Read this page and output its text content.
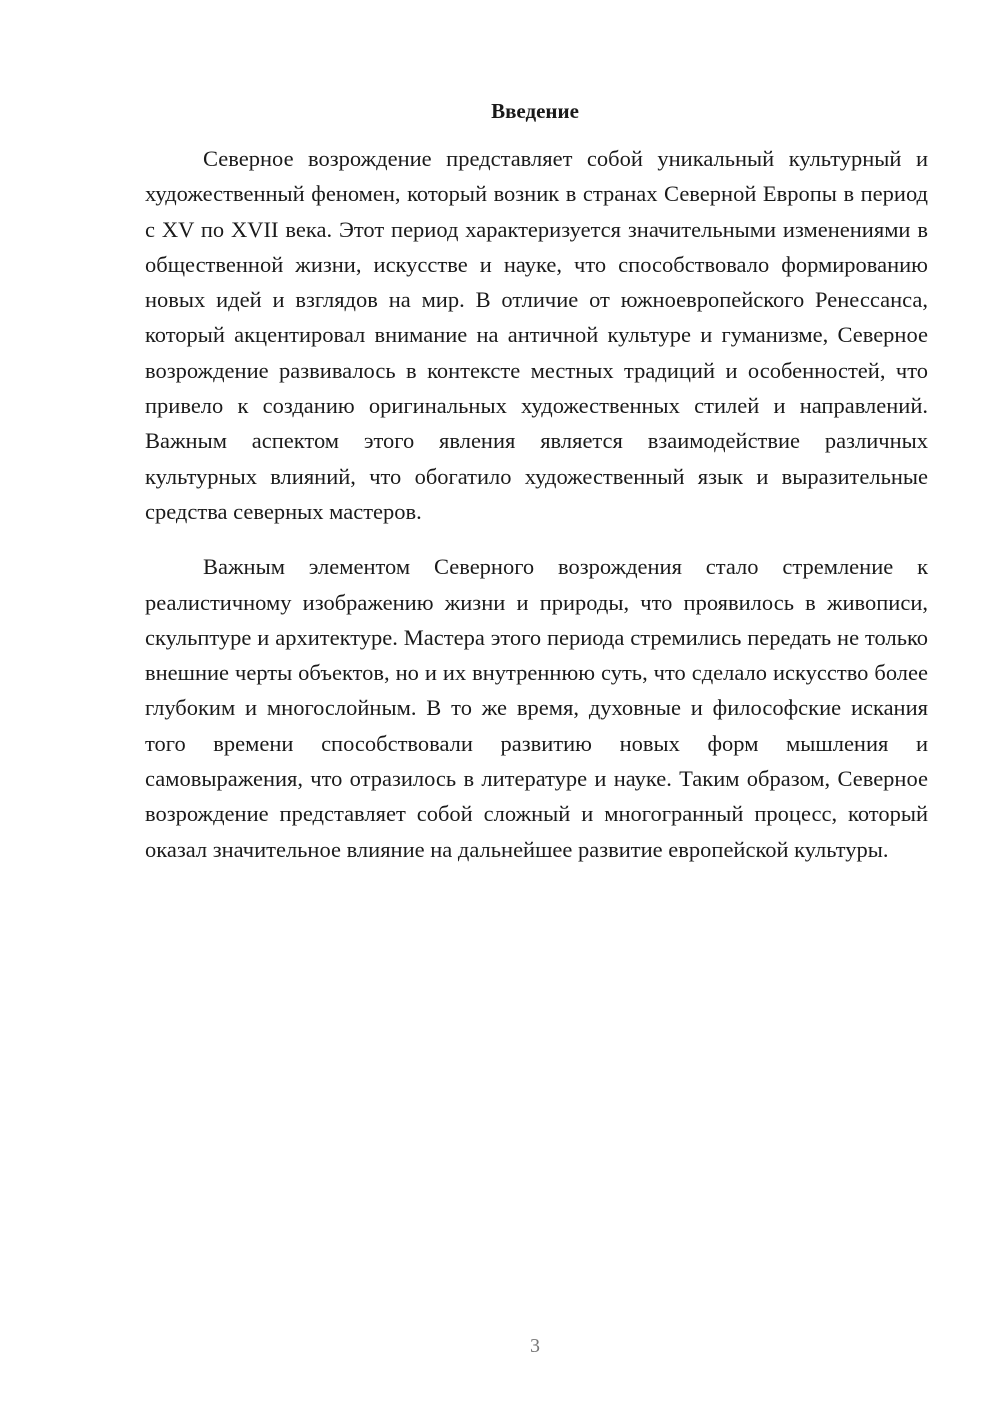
Введение

Северное возрождение представляет собой уникальный культурный и художественный феномен, который возник в странах Северной Европы в период с XV по XVII века. Этот период характеризуется значительными изменениями в общественной жизни, искусстве и науке, что способствовало формированию новых идей и взглядов на мир. В отличие от южноевропейского Ренессанса, который акцентировал внимание на античной культуре и гуманизме, Северное возрождение развивалось в контексте местных традиций и особенностей, что привело к созданию оригинальных художественных стилей и направлений. Важным аспектом этого явления является взаимодействие различных культурных влияний, что обогатило художественный язык и выразительные средства северных мастеров.

Важным элементом Северного возрождения стало стремление к реалистичному изображению жизни и природы, что проявилось в живописи, скульптуре и архитектуре. Мастера этого периода стремились передать не только внешние черты объектов, но и их внутреннюю суть, что сделало искусство более глубоким и многослойным. В то же время, духовные и философские искания того времени способствовали развитию новых форм мышления и самовыражения, что отразилось в литературе и науке. Таким образом, Северное возрождение представляет собой сложный и многогранный процесс, который оказал значительное влияние на дальнейшее развитие европейской культуры.

3
